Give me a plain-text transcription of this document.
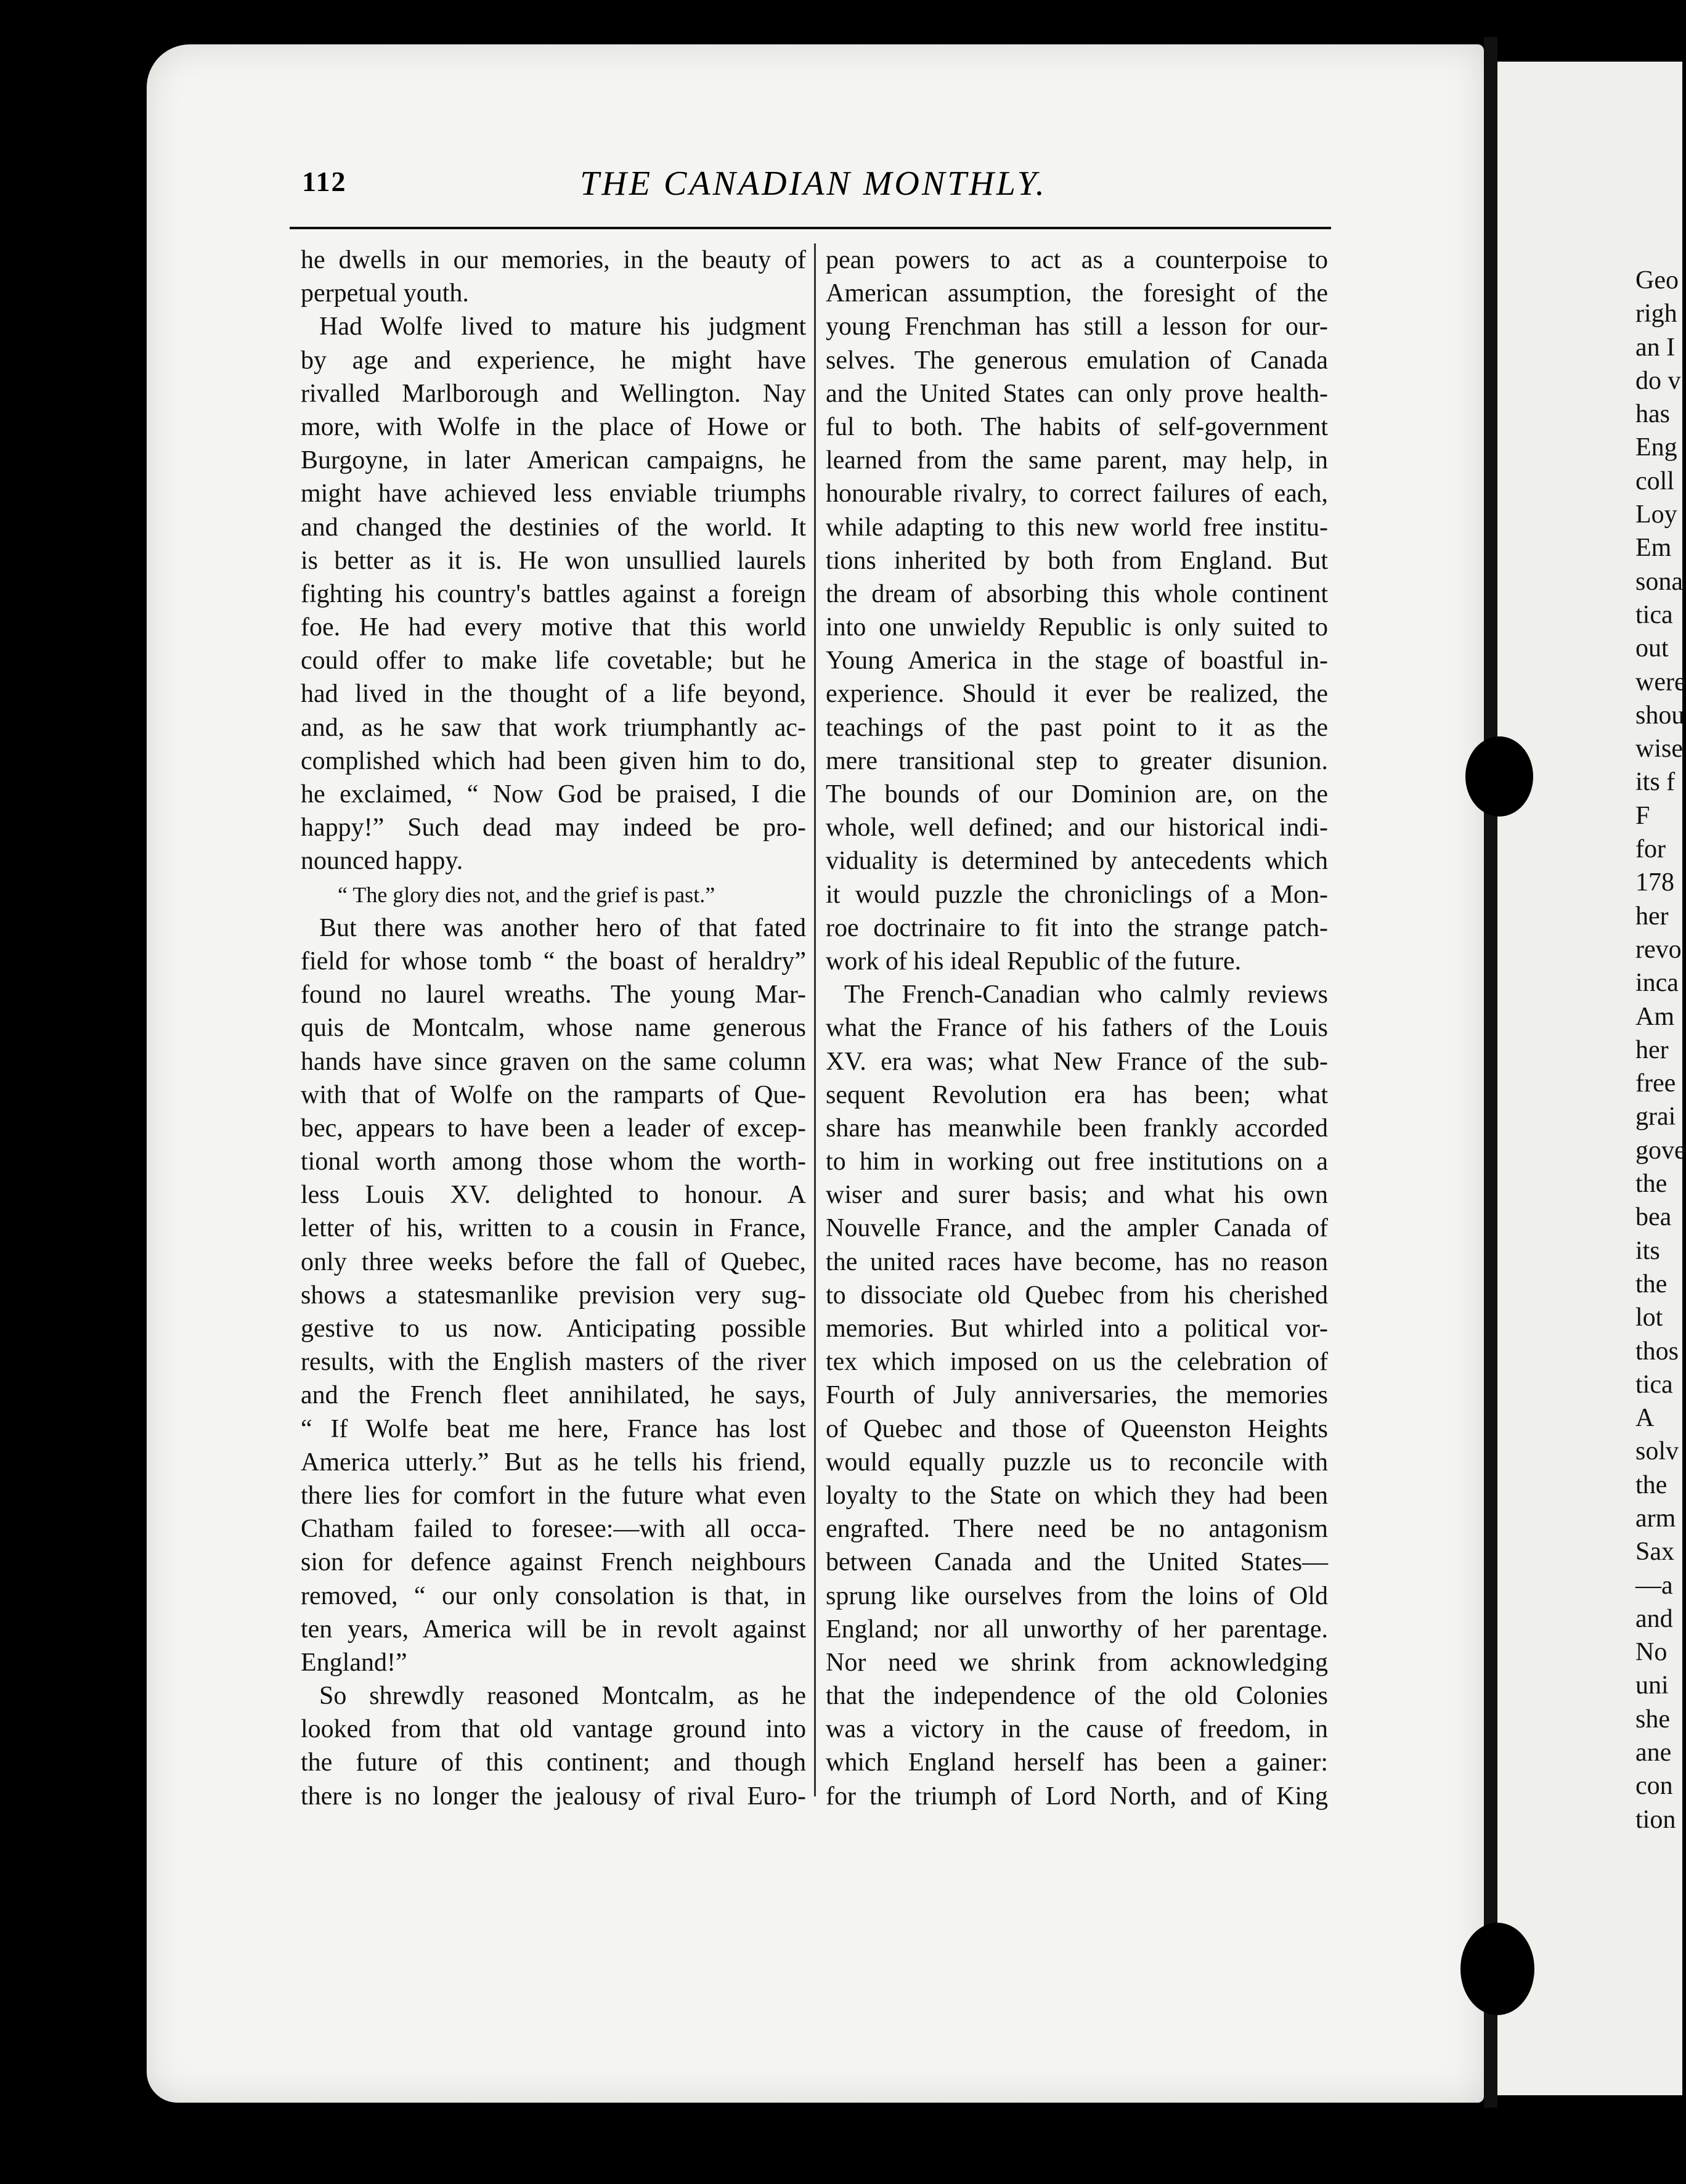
112	THE CANADIAN MONTHLY.
he dwells in our memories, in the beauty of
perpetual youth.
Had Wolfe lived to mature his judgment
by age and experience, he might have
rivalled Marlborough and Wellington. Nay
more, with Wolfe in the place of Howe or
Burgoyne, in later American campaigns, he
might have achieved less enviable triumphs
and changed the destinies of the world. It
is better as it is. He won unsullied laurels
fighting his country's battles against a foreign
foe. He had every motive that this world
could offer to make life covetable; but he
had lived in the thought of a life beyond,
and, as he saw that work triumphantly ac-
complished which had been given him to do,
he exclaimed, “ Now God be praised, I die
happy!” Such dead may indeed be pro-
nounced happy.
“ The glory dies not, and the grief is past.”
But there was another hero of that fated
field for whose tomb “ the boast of heraldry”
found no laurel wreaths. The young Mar-
quis de Montcalm, whose name generous
hands have since graven on the same column
with that of Wolfe on the ramparts of Que-
bec, appears to have been a leader of excep-
tional worth among those whom the worth-
less Louis XV. delighted to honour. A
letter of his, written to a cousin in France,
only three weeks before the fall of Quebec,
shows a statesmanlike prevision very sug-
gestive to us now. Anticipating possible
results, with the English masters of the river
and the French fleet annihilated, he says,
“ If Wolfe beat me here, France has lost
America utterly.” But as he tells his friend,
there lies for comfort in the future what even
Chatham failed to foresee:—with all occa-
sion for defence against French neighbours
removed, “ our only consolation is that, in
ten years, America will be in revolt against
England!”
So shrewdly reasoned Montcalm, as he
looked from that old vantage ground into
the future of this continent; and though
there is no longer the jealousy of rival Euro-
pean powers to act as a counterpoise to
American assumption, the foresight of the
young Frenchman has still a lesson for our-
selves. The generous emulation of Canada
and the United States can only prove health-
ful to both. The habits of self-government
learned from the same parent, may help, in
honourable rivalry, to correct failures of each,
while adapting to this new world free institu-
tions inherited by both from England. But
the dream of absorbing this whole continent
into one unwieldy Republic is only suited to
Young America in the stage of boastful in-
experience. Should it ever be realized, the
teachings of the past point to it as the
mere transitional step to greater disunion.
The bounds of our Dominion are, on the
whole, well defined; and our historical indi-
viduality is determined by antecedents which
it would puzzle the chroniclings of a Mon-
roe doctrinaire to fit into the strange patch-
work of his ideal Republic of the future.
The French-Canadian who calmly reviews
what the France of his fathers of the Louis
XV. era was; what New France of the sub-
sequent Revolution era has been; what
share has meanwhile been frankly accorded
to him in working out free institutions on a
wiser and surer basis; and what his own
Nouvelle France, and the ampler Canada of
the united races have become, has no reason
to dissociate old Quebec from his cherished
memories. But whirled into a political vor-
tex which imposed on us the celebration of
Fourth of July anniversaries, the memories
of Quebec and those of Queenston Heights
would equally puzzle us to reconcile with
loyalty to the State on which they had been
engrafted. There need be no antagonism
between Canada and the United States—
sprung like ourselves from the loins of Old
England; nor all unworthy of her parentage.
Nor need we shrink from acknowledging
that the independence of the old Colonies
was a victory in the cause of freedom, in
which England herself has been a gainer:
for the triumph of Lord North, and of King
Geo
righ
an I
do v
has
Eng
coll
Loy
Em
sona
tica
out
were
shou
wise
its f
F
for
178
her
revo
inca
Am
her
free
grai
gove
the
bea
its
the
lot
thos
tica
A
solv
the
arm
Sax
—a
and
No
uni
she
ane
con
tion
